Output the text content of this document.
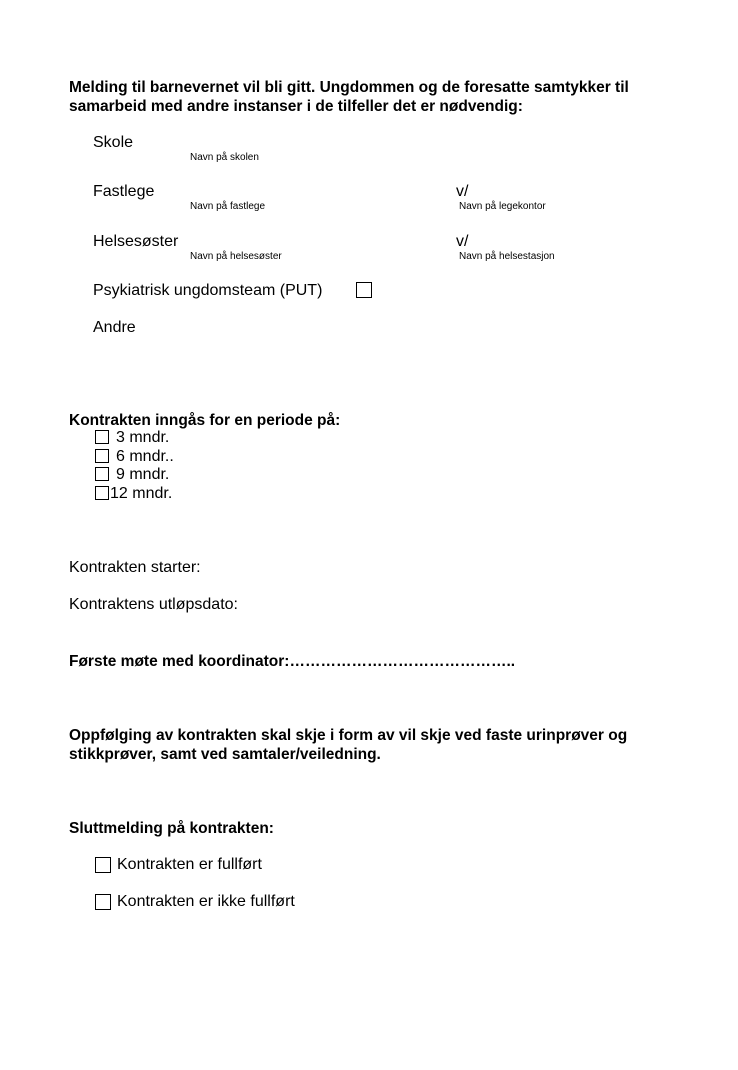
Melding til barnevernet vil bli gitt. Ungdommen og de foresatte samtykker til
samarbeid med andre instanser i de tilfeller det er nødvendig:
Skole
Navn på skolen
Fastlege
Navn på fastlege
v/
Navn på legekontor
Helsesøster
Navn på helsesøster
v/
Navn på helsestasjon
Psykiatrisk ungdomsteam (PUT)
Andre
Kontrakten inngås for en periode på:
3 mndr.
6 mndr..
9 mndr.
12 mndr.
Kontrakten starter:
Kontraktens utløpsdato:
Første møte med koordinator:……………………………………..
Oppfølging av kontrakten skal skje i form av vil skje ved faste urinprøver og
stikkprøver, samt ved samtaler/veiledning.
Sluttmelding på kontrakten:
Kontrakten er fullført
Kontrakten er ikke fullført
